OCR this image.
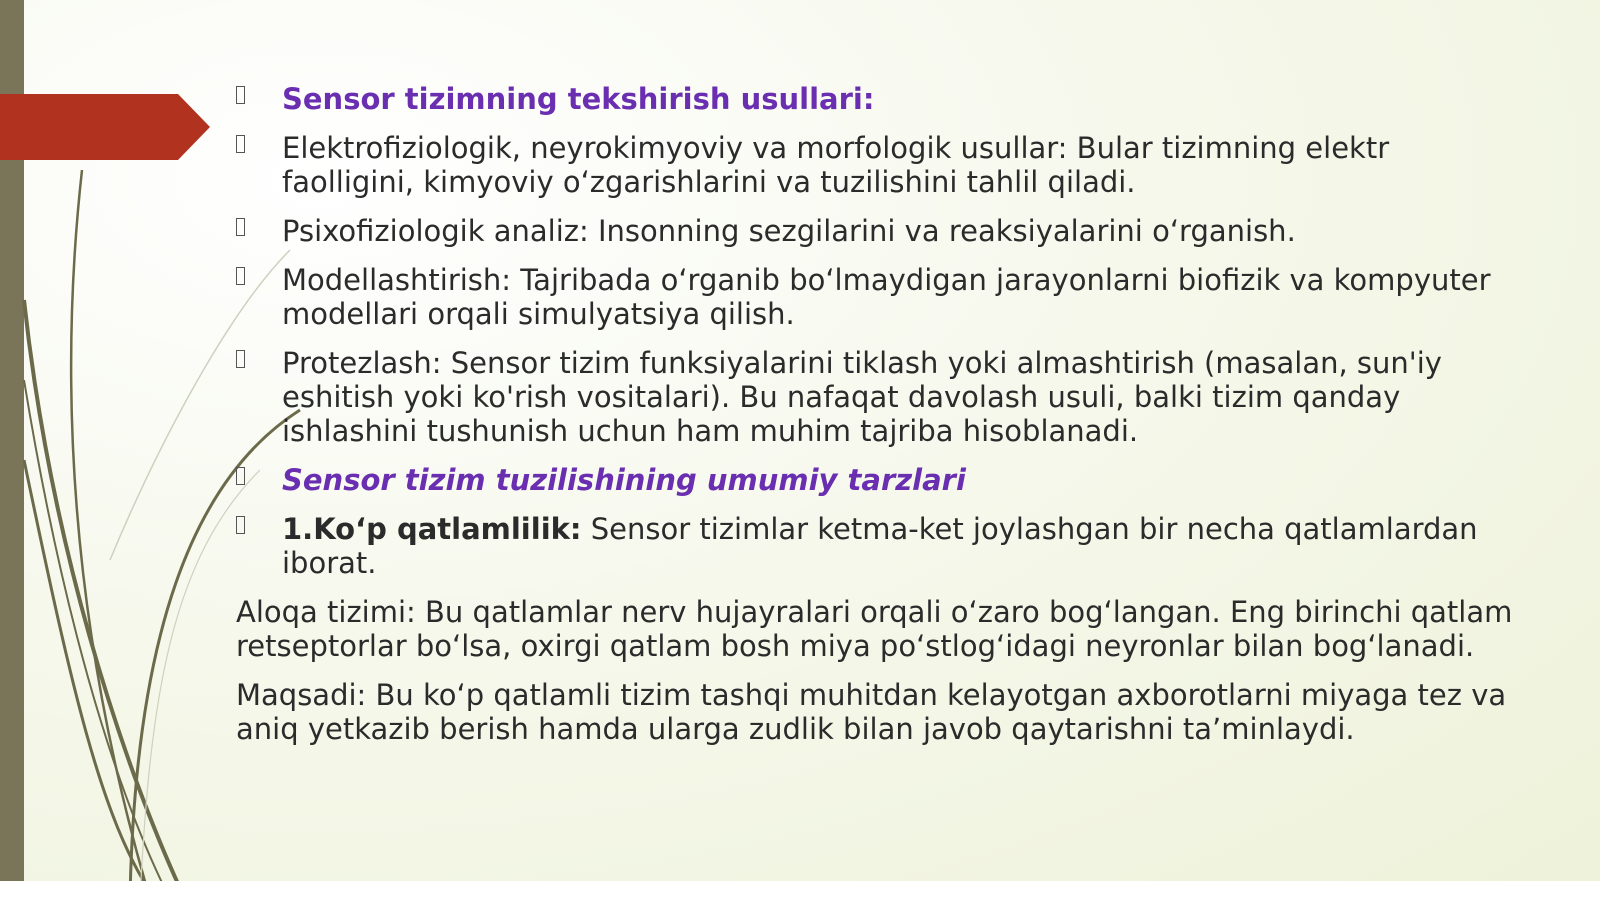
Sensor tizimning tekshirish usullari:
Elektrofiziologik, neyrokimyoviy va morfologik usullar: Bular tizimning elektr faolligini, kimyoviy o‘zgarishlarini va tuzilishini tahlil qiladi.
Psixofiziologik analiz: Insonning sezgilarini va reaksiyalarini o‘rganish.
Modellashtirish: Tajribada o‘rganib bo‘lmaydigan jarayonlarni biofizik va kompyuter modellari orqali simulyatsiya qilish.
Protezlash: Sensor tizim funksiyalarini tiklash yoki almashtirish (masalan, sun'iy eshitish yoki ko'rish vositalari). Bu nafaqat davolash usuli, balki tizim qanday ishlashini tushunish uchun ham muhim tajriba hisoblanadi.
Sensor tizim tuzilishining umumiy tarzlari
1.Ko‘p qatlamlilik: Sensor tizimlar ketma-ket joylashgan bir necha qatlamlardan iborat.
Aloqa tizimi: Bu qatlamlar nerv hujayralari orqali o‘zaro bog‘langan. Eng birinchi qatlam retseptorlar bo‘lsa, oxirgi qatlam bosh miya po‘stlog‘idagi neyronlar bilan bog‘lanadi.
Maqsadi: Bu ko‘p qatlamli tizim tashqi muhitdan kelayotgan axborotlarni miyaga tez va aniq yetkazib berish hamda ularga zudlik bilan javob qaytarishni ta’minlaydi.
